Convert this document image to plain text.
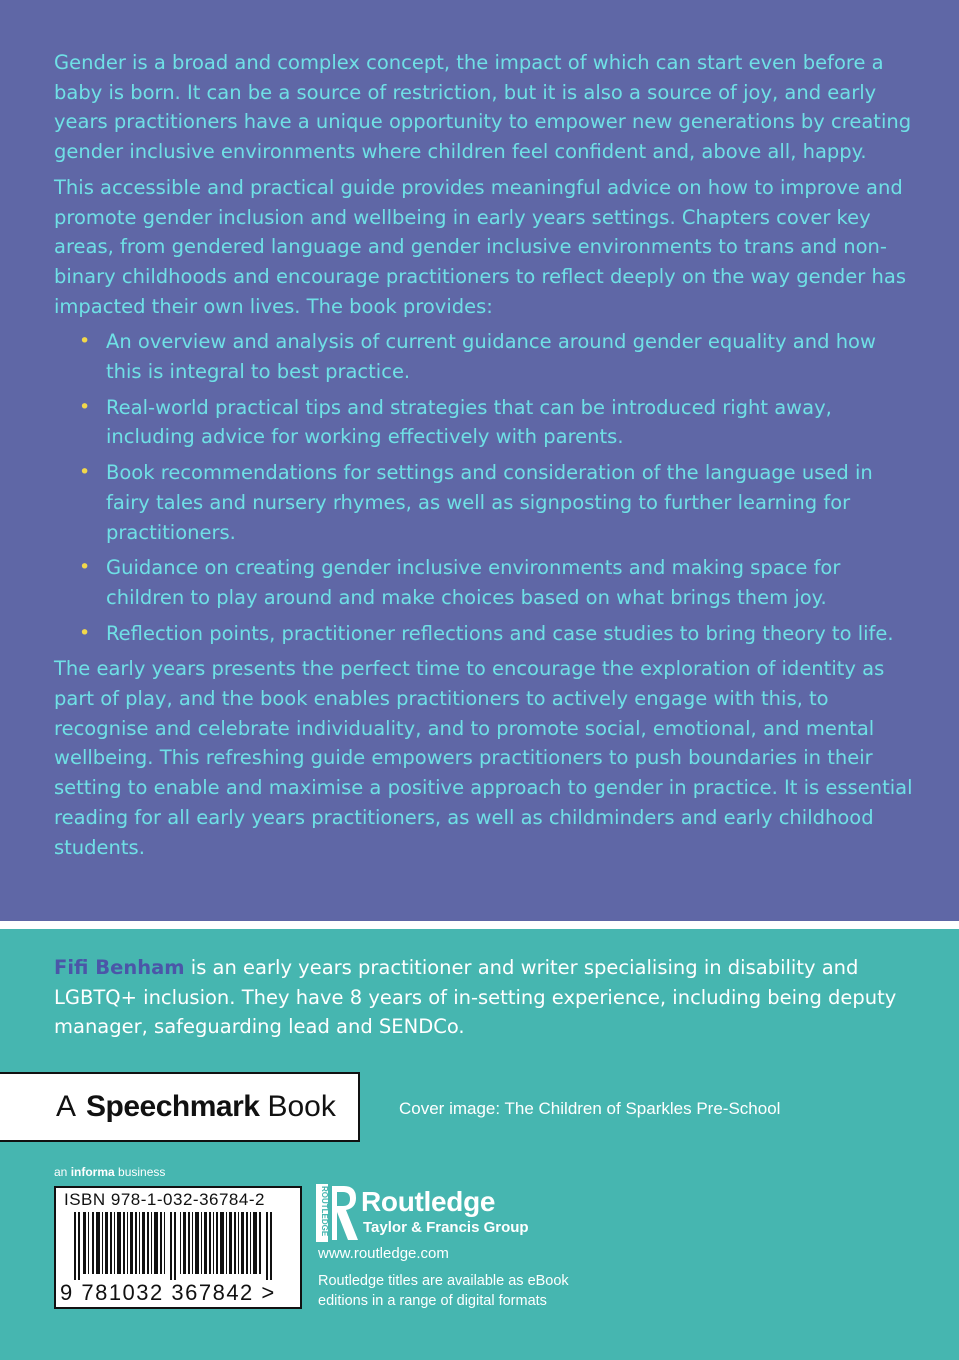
Gender is a broad and complex concept, the impact of which can start even before a baby is born. It can be a source of restriction, but it is also a source of joy, and early years practitioners have a unique opportunity to empower new generations by creating gender inclusive environments where children feel confident and, above all, happy.

This accessible and practical guide provides meaningful advice on how to improve and promote gender inclusion and wellbeing in early years settings. Chapters cover key areas, from gendered language and gender inclusive environments to trans and non-binary childhoods and encourage practitioners to reflect deeply on the way gender has impacted their own lives. The book provides:

• An overview and analysis of current guidance around gender equality and how this is integral to best practice.
• Real-world practical tips and strategies that can be introduced right away, including advice for working effectively with parents.
• Book recommendations for settings and consideration of the language used in fairy tales and nursery rhymes, as well as signposting to further learning for practitioners.
• Guidance on creating gender inclusive environments and making space for children to play around and make choices based on what brings them joy.
• Reflection points, practitioner reflections and case studies to bring theory to life.

The early years presents the perfect time to encourage the exploration of identity as part of play, and the book enables practitioners to actively engage with this, to recognise and celebrate individuality, and to promote social, emotional, and mental wellbeing. This refreshing guide empowers practitioners to push boundaries in their setting to enable and maximise a positive approach to gender in practice. It is essential reading for all early years practitioners, as well as childminders and early childhood students.

Fifi Benham is an early years practitioner and writer specialising in disability and LGBTQ+ inclusion. They have 8 years of in-setting experience, including being deputy manager, safeguarding lead and SENDCo.
A Speechmark Book	Cover image: The Children of Sparkles Pre-School
an informa business
ISBN 978-1-032-36784-2
9 781032 367842 >
ROUTLEDGE Routledge
Taylor & Francis Group
www.routledge.com
Routledge titles are available as eBook editions in a range of digital formats
